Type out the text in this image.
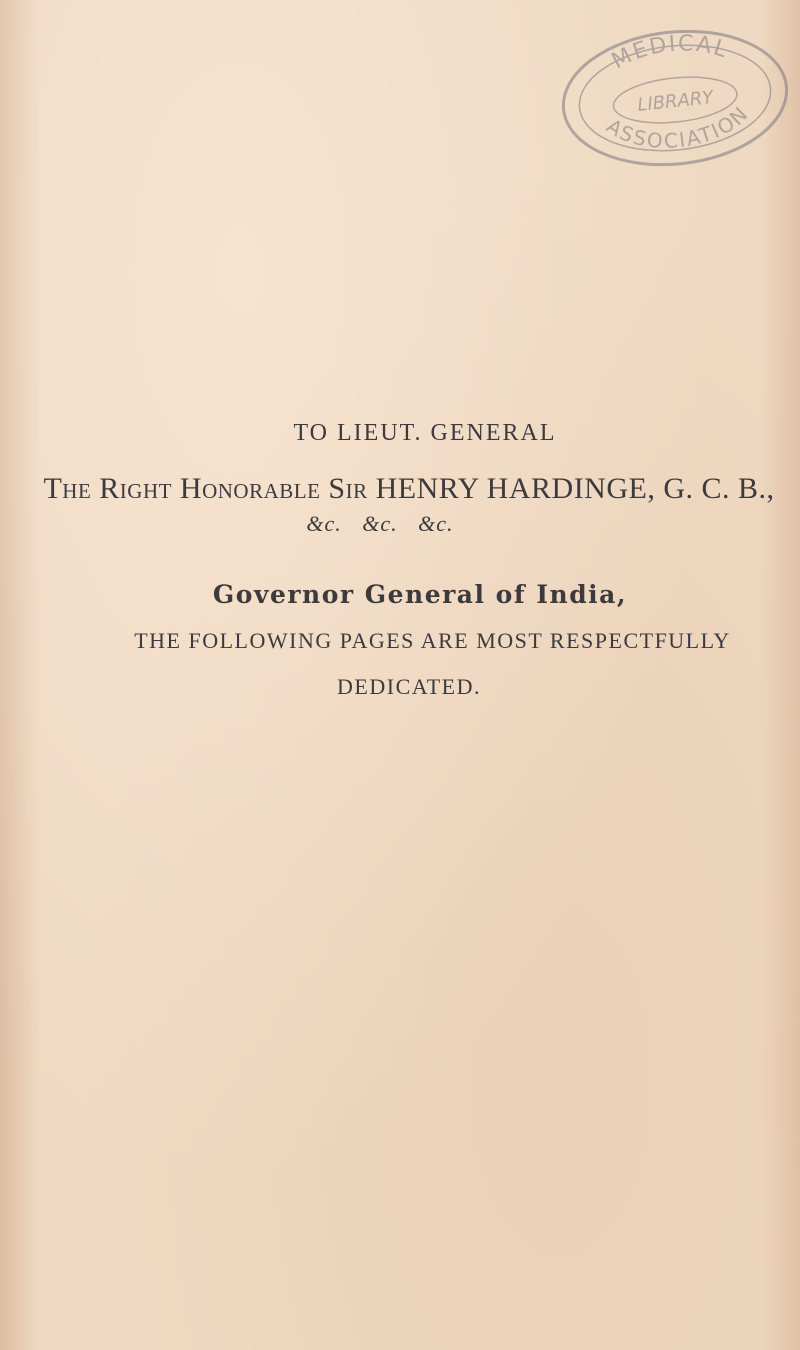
MEDICAL
ASSOCIATION
LIBRARY
TO LIEUT. GENERAL
The Right Honorable Sir HENRY HARDINGE, G. C. B.,
&c. &c. &c.
Governor General of India,
THE FOLLOWING PAGES ARE MOST RESPECTFULLY
DEDICATED.
